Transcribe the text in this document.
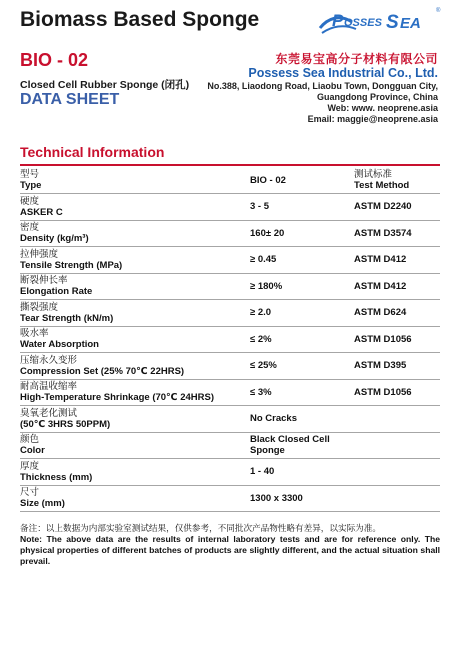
Biomass Based Sponge	P OSSES S EA
®
BIO - 02
Closed Cell Rubber Sponge (闭孔)
DATA SHEET
东莞易宝高分子材料有限公司
Possess Sea Industrial Co., Ltd.
No.388, Liaodong Road, Liaobu Town, Dongguan City,
Guangdong Province, China
Web: www. neoprene.asia
Email: maggie@neoprene.asia
Technical Information
型号
Type	BIO - 02	测试标准
Test Method

硬度
ASKER C	3 - 5	ASTM D2240

密度
Density (kg/m³)	160± 20	ASTM D3574

拉伸强度
Tensile Strength (MPa)	≥ 0.45	ASTM D412

断裂伸长率
Elongation Rate	≥ 180%	ASTM D412

撕裂强度
Tear Strength (kN/m)	≥ 2.0	ASTM D624

吸水率
Water Absorption	≤ 2%	ASTM D1056

压缩永久变形
Compression Set (25% 70℃ 22HRS)	≤ 25%	ASTM D395

耐高温收缩率
High-Temperature Shrinkage (70℃ 24HRS)	≤ 3%	ASTM D1056

臭氧老化测试
(50℃ 3HRS 50PPM)	No Cracks	

颜色
Color	Black Closed Cell Sponge	

厚度
Thickness (mm)	1 - 40	

尺寸
Size (mm)	1300 x 3300	
备注：以上数据为内部实验室测试结果，仅供参考，不同批次产品物性略有差异，以实际为准。
Note: The above data are the results of internal laboratory tests and are for reference only. The physical properties of different batches of products are slightly different, and the actual situation shall prevail.
